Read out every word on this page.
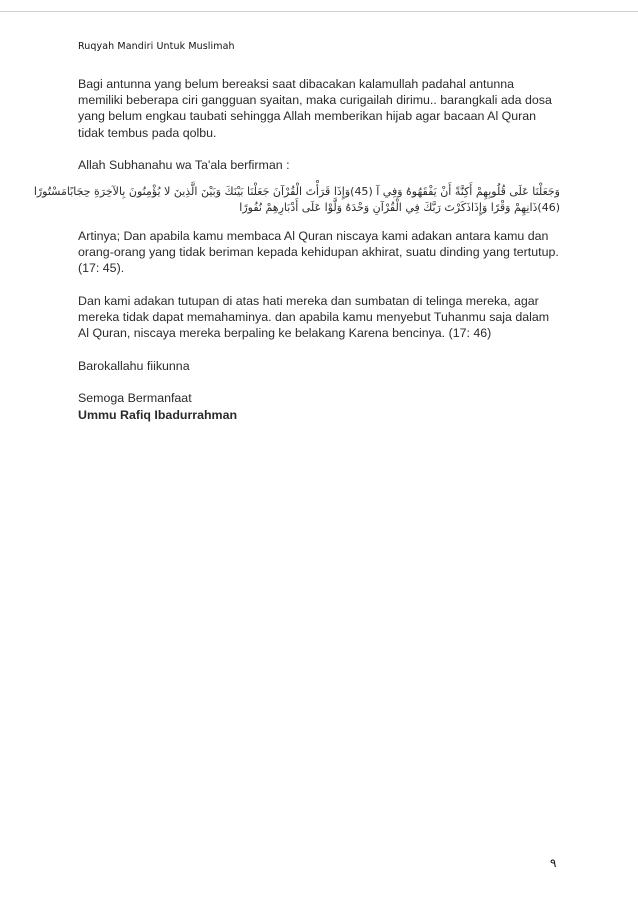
Ruqyah Mandiri Untuk Muslimah

Bagi antunna yang belum bereaksi saat dibacakan kalamullah padahal antunna memiliki beberapa ciri gangguan syaitan, maka curigailah dirimu.. barangkali ada dosa yang belum engkau taubati sehingga Allah memberikan hijab agar bacaan Al Quran tidak tembus pada qolbu.

Allah Subhanahu wa Ta'ala berfirman :

وَجَعَلْنَا عَلَى قُلُوبِهِمْ أَكِنَّةً أَنْ يَفْقَهُوهُ وَفِي آ (45)وَإِذَا قَرَأْتَ الْقُرْآنَ جَعَلْنَا بَيْنَكَ وَبَيْنَ الَّذِينَ لا يُؤْمِنُونَ بِالآخِرَةِ حِجَابًامَسْتُورًا
(46)ذَانِهِمْ وَقْرًا وَإِذَاذَكَرْتَ رَبَّكَ فِي الْقُرْآنِ وَحْدَهُ وَلَّوْا عَلَى أَدْبَارِهِمْ نُفُورًا

Artinya; Dan apabila kamu membaca Al Quran niscaya kami adakan antara kamu dan orang-orang yang tidak beriman kepada kehidupan akhirat, suatu dinding yang tertutup. (17: 45).

Dan kami adakan tutupan di atas hati mereka dan sumbatan di telinga mereka, agar mereka tidak dapat memahaminya. dan apabila kamu menyebut Tuhanmu saja dalam Al Quran, niscaya mereka berpaling ke belakang Karena bencinya. (17: 46)

Barokallahu fiikunna

Semoga Bermanfaat

Ummu Rafiq Ibadurrahman

٩
